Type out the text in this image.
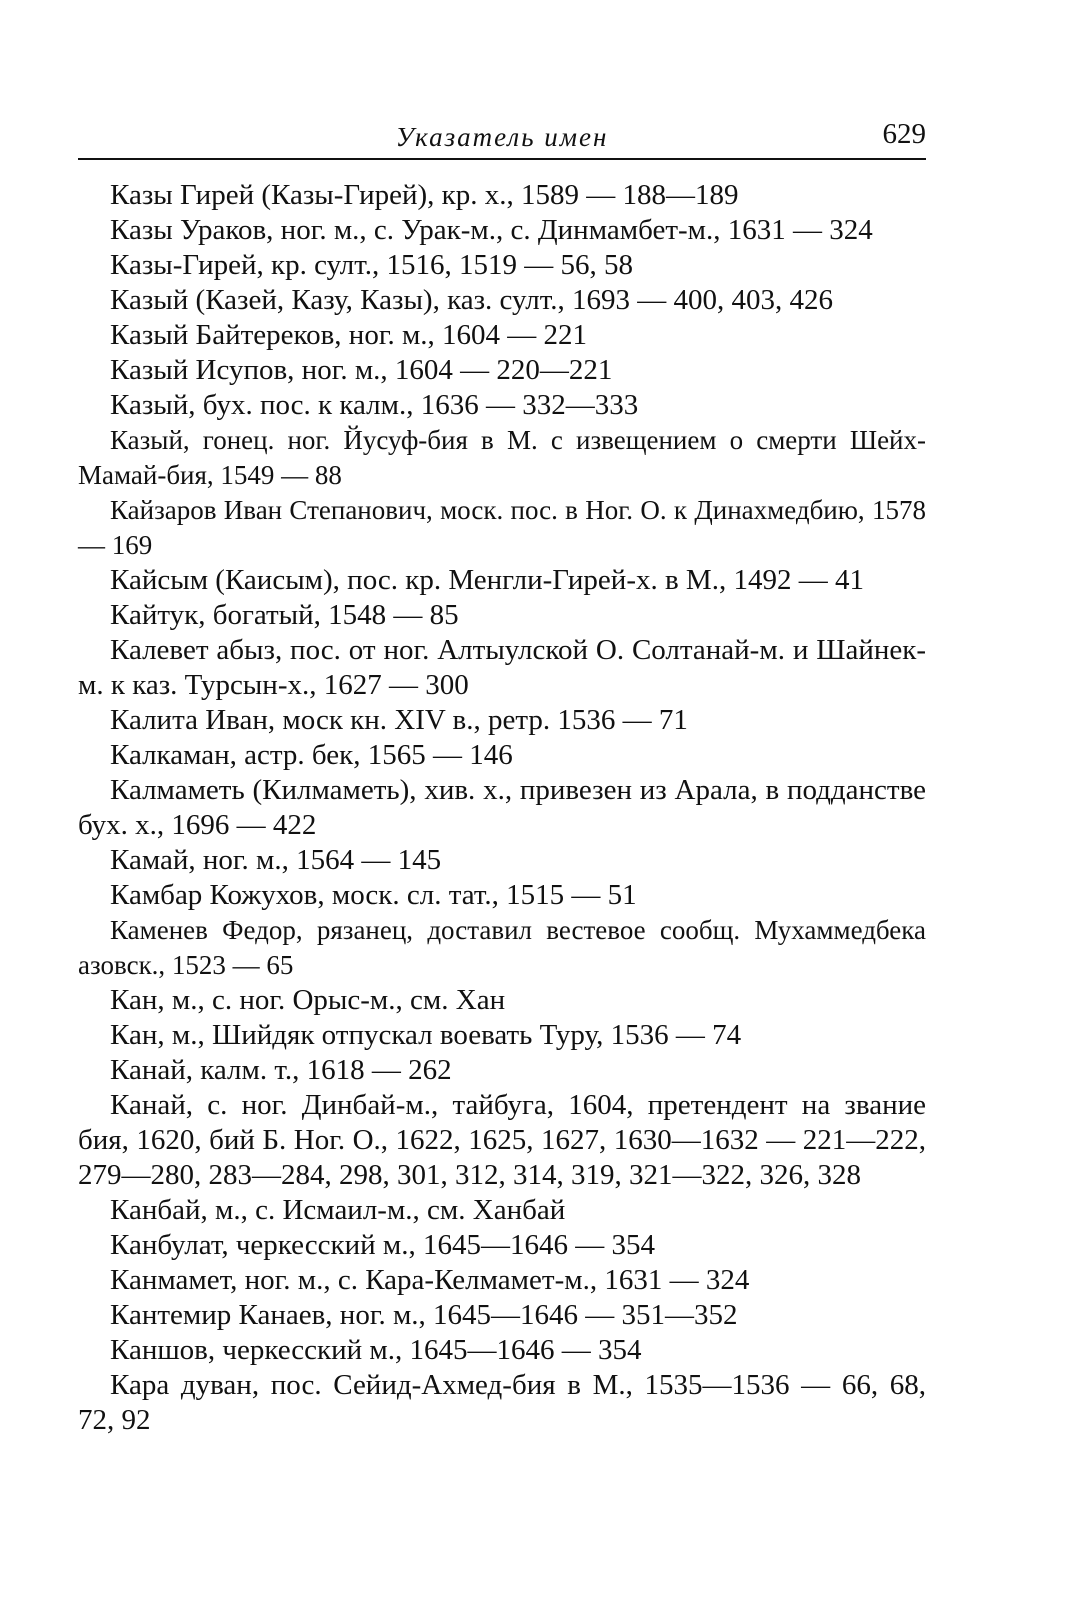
Указатель имен	629

Казы Гирей (Казы-Гирей), кр. х., 1589 — 188—189

Казы Ураков, ног. м., с. Урак-м., с. Динмамбет-м., 1631 — 324

Казы-Гирей, кр. султ., 1516, 1519 — 56, 58

Казый (Казей, Казу, Казы), каз. султ., 1693 — 400, 403, 426

Казый Байтереков, ног. м., 1604 — 221

Казый Исупов, ног. м., 1604 — 220—221

Казый, бух. пос. к калм., 1636 — 332—333

Казый, гонец. ног. Йусуф-бия в М. с извещением о смерти Шейх-Мамай-бия, 1549 — 88

Кайзаров Иван Степанович, моск. пос. в Ног. О. к Динахмедбию, 1578 — 169

Кайсым (Каисым), пос. кр. Менгли-Гирей-х. в М., 1492 — 41

Кайтук, богатый, 1548 — 85

Калевет абыз, пос. от ног. Алтыулской О. Солтанай-м. и Шайнек-м. к каз. Турсын-х., 1627 — 300

Калита Иван, моск кн. XIV в., ретр. 1536 — 71

Калкаман, астр. бек, 1565 — 146

Калмаметь (Килмаметь), хив. х., привезен из Арала, в подданстве бух. х., 1696 — 422

Камай, ног. м., 1564 — 145

Камбар Кожухов, моск. сл. тат., 1515 — 51

Каменев Федор, рязанец, доставил вестевое сообщ. Мухаммедбека азовск., 1523 — 65

Кан, м., с. ног. Орыс-м., см. Хан

Кан, м., Шийдяк отпускал воевать Туру, 1536 — 74

Канай, калм. т., 1618 — 262

Канай, с. ног. Динбай-м., тайбуга, 1604, претендент на звание бия, 1620, бий Б. Ног. О., 1622, 1625, 1627, 1630—1632 — 221—222, 279—280, 283—284, 298, 301, 312, 314, 319, 321—322, 326, 328

Канбай, м., с. Исмаил-м., см. Ханбай

Канбулат, черкесский м., 1645—1646 — 354

Канмамет, ног. м., с. Кара-Келмамет-м., 1631 — 324

Кантемир Канаев, ног. м., 1645—1646 — 351—352

Каншов, черкесский м., 1645—1646 — 354

Кара дуван, пос. Сейид-Ахмед-бия в М., 1535—1536 — 66, 68, 72, 92
